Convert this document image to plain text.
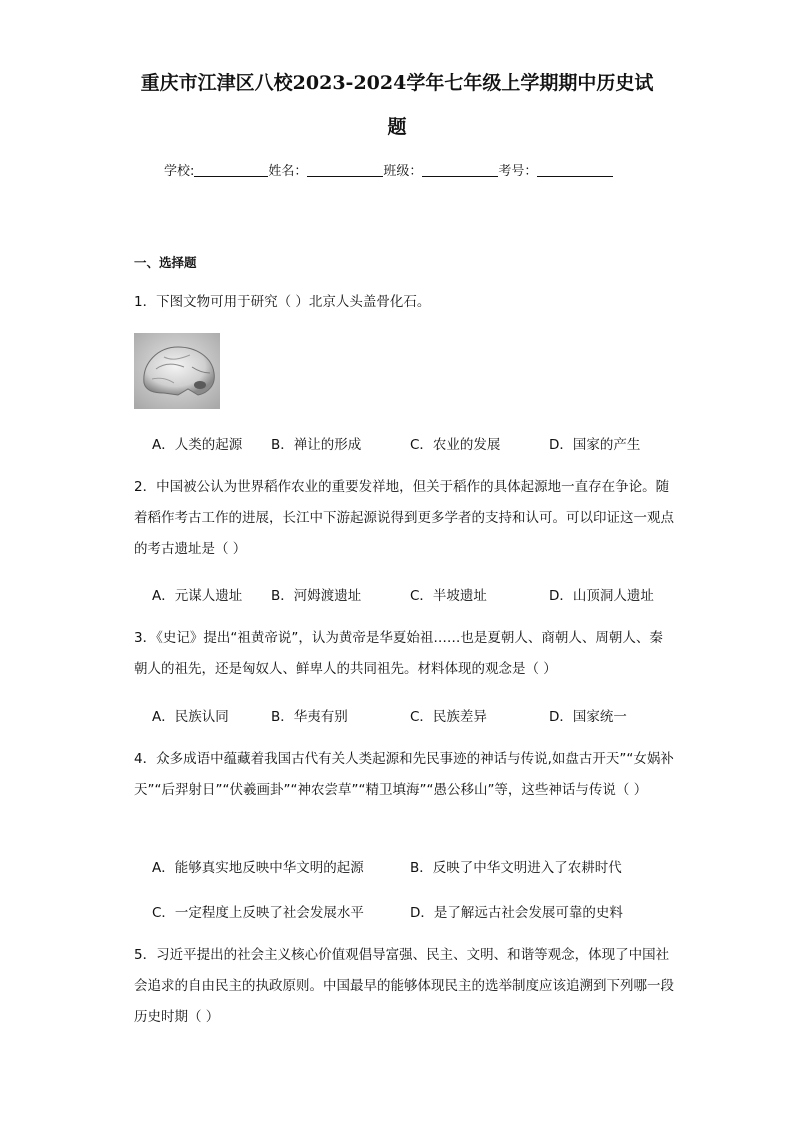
重庆市江津区八校2023-2024学年七年级上学期期中历史试
题
学校:	姓名：	班级：	考号：
一、选择题
1．下图文物可用于研究（ ）北京人头盖骨化石。
A．人类的起源 B．禅让的形成	C．农业的发展	D．国家的产生
2．中国被公认为世界稻作农业的重要发祥地，但关于稻作的具体起源地一直存在争论。随着稻作考古工作的进展，长江中下游起源说得到更多学者的支持和认可。可以印证这一观点的考古遗址是（ ）
A．元谋人遗址 B．河姆渡遗址	C．半坡遗址	D．山顶洞人遗址
3．《史记》提出“祖黄帝说”，认为黄帝是华夏始祖……也是夏朝人、商朝人、周朝人、秦朝人的祖先，还是匈奴人、鲜卑人的共同祖先。材料体现的观念是（ ）
A．民族认同	B．华夷有别	C．民族差异	D．国家统一
4．众多成语中蕴藏着我国古代有关人类起源和先民事迹的神话与传说,如盘古开天”“女娲补天”“后羿射日”“伏羲画卦”“神农尝草”“精卫填海”“愚公移山”等，这些神话与传说（ ）
A．能够真实地反映中华文明的起源	B．反映了中华文明进入了农耕时代
C．一定程度上反映了社会发展水平	D．是了解远古社会发展可靠的史料
5．习近平提出的社会主义核心价值观倡导富强、民主、文明、和谐等观念，体现了中国社会追求的自由民主的执政原则。中国最早的能够体现民主的选举制度应该追溯到下列哪一段历史时期（ ）
